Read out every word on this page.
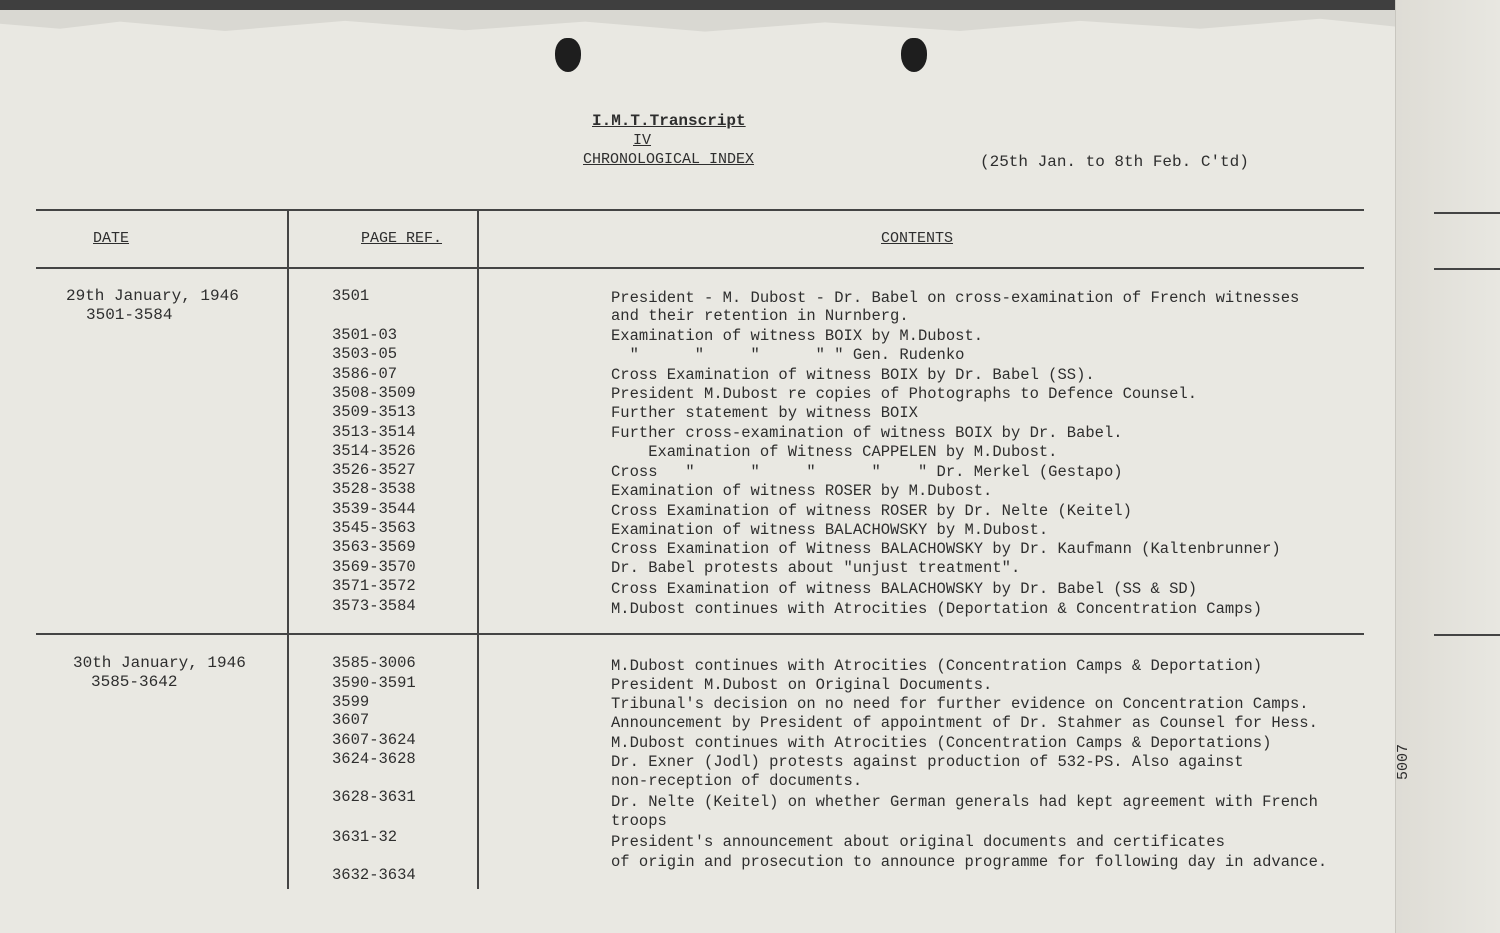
I.M.T.Transcript
IV
CHRONOLOGICAL INDEX	(25th Jan. to 8th Feb. C'td)
DATE	PAGE REF.	CONTENTS
29th January, 1946
3501-3584
3501	President - M. Dubost - Dr. Babel on cross-examination of French witnesses
and their retention in Nurnberg.
3501-03	Examination of witness BOIX by M.Dubost.
3503-05	"      "     "      " " Gen. Rudenko
3586-07	Cross Examination of witness BOIX by Dr. Babel (SS).
3508-3509	President M.Dubost re copies of Photographs to Defence Counsel.
3509-3513	Further statement by witness BOIX
3513-3514	Further cross-examination of witness BOIX by Dr. Babel.
3514-3526	Examination of Witness CAPPELEN by M.Dubost.
3526-3527	Cross   "      "     "      "    " Dr. Merkel (Gestapo)
3528-3538	Examination of witness ROSER by M.Dubost.
3539-3544	Cross Examination of witness ROSER by Dr. Nelte (Keitel)
3545-3563	Examination of witness BALACHOWSKY by M.Dubost.
3563-3569	Cross Examination of Witness BALACHOWSKY by Dr. Kaufmann (Kaltenbrunner)
3569-3570	Dr. Babel protests about "unjust treatment".
3571-3572	Cross Examination of witness BALACHOWSKY by Dr. Babel (SS & SD)
3573-3584	M.Dubost continues with Atrocities (Deportation & Concentration Camps)
30th January, 1946
3585-3642
3585-3006	M.Dubost continues with Atrocities (Concentration Camps & Deportation)
3590-3591	President M.Dubost on Original Documents.
3599	Tribunal's decision on no need for further evidence on Concentration Camps.
3607	Announcement by President of appointment of Dr. Stahmer as Counsel for Hess.
3607-3624	M.Dubost continues with Atrocities (Concentration Camps & Deportations)
3624-3628	Dr. Exner (Jodl) protests against production of 532-PS. Also against
non-reception of documents.
3628-3631	Dr. Nelte (Keitel) on whether German generals had kept agreement with French
troops
3631-32	President's announcement about original documents and certificates
of origin and prosecution to announce programme for following day in advance.
3632-3634
5007
